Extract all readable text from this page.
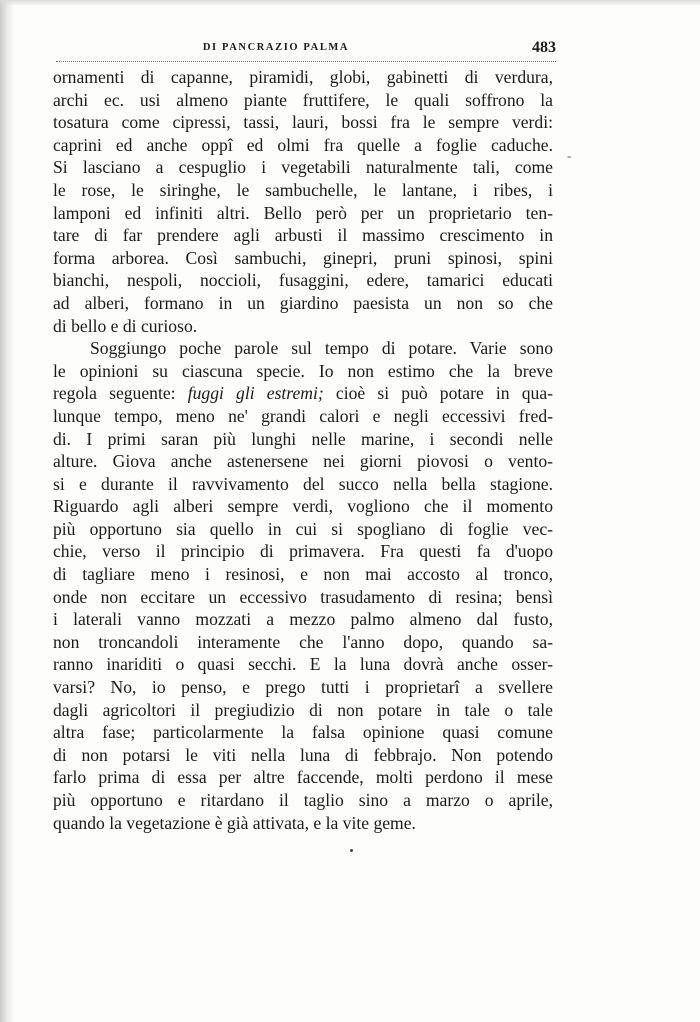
DI PANCRAZIO PALMA	483
ornamenti di capanne, piramidi, globi, gabinetti di verdura,
archi ec. usi almeno piante fruttifere, le quali soffrono la
tosatura come cipressi, tassi, lauri, bossi fra le sempre verdi:
caprini ed anche oppî ed olmi fra quelle a foglie caduche.
Si lasciano a cespuglio i vegetabili naturalmente tali, come
le rose, le siringhe, le sambuchelle, le lantane, i ribes, i
lamponi ed infiniti altri. Bello però per un proprietario ten-
tare di far prendere agli arbusti il massimo crescimento in
forma arborea. Così sambuchi, ginepri, pruni spinosi, spini
bianchi, nespoli, noccioli, fusaggini, edere, tamarici educati
ad alberi, formano in un giardino paesista un non so che
di bello e di curioso.
Soggiungo poche parole sul tempo di potare. Varie sono
le opinioni su ciascuna specie. Io non estimo che la breve
regola seguente: fuggi gli estremi; cioè si può potare in qua-
lunque tempo, meno ne' grandi calori e negli eccessivi fred-
di. I primi saran più lunghi nelle marine, i secondi nelle
alture. Giova anche astenersene nei giorni piovosi o vento-
si e durante il ravvivamento del succo nella bella stagione.
Riguardo agli alberi sempre verdi, vogliono che il momento
più opportuno sia quello in cui si spogliano di foglie vec-
chie, verso il principio di primavera. Fra questi fa d'uopo
di tagliare meno i resinosi, e non mai accosto al tronco,
onde non eccitare un eccessivo trasudamento di resina; bensì
i laterali vanno mozzati a mezzo palmo almeno dal fusto,
non troncandoli interamente che l'anno dopo, quando sa-
ranno inariditi o quasi secchi. E la luna dovrà anche osser-
varsi? No, io penso, e prego tutti i proprietarî a svellere
dagli agricoltori il pregiudizio di non potare in tale o tale
altra fase; particolarmente la falsa opinione quasi comune
di non potarsi le viti nella luna di febbrajo. Non potendo
farlo prima di essa per altre faccende, molti perdono il mese
più opportuno e ritardano il taglio sino a marzo o aprile,
quando la vegetazione è già attivata, e la vite geme.
-
